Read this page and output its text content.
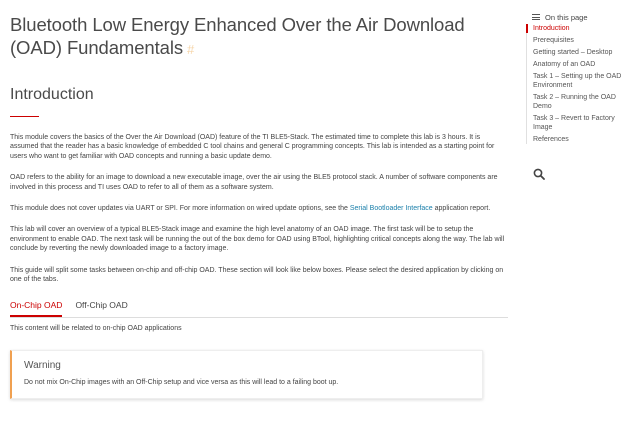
Bluetooth Low Energy Enhanced Over the Air Download (OAD) Fundamentals #
Introduction

This module covers the basics of the Over the Air Download (OAD) feature of the TI BLE5-Stack. The estimated time to complete this lab is 3 hours. It is assumed that the reader has a basic knowledge of embedded C tool chains and general C programming concepts. This lab is intended as a starting point for users who want to get familiar with OAD concepts and running a basic update demo.

OAD refers to the ability for an image to download a new executable image, over the air using the BLE5 protocol stack. A number of software components are involved in this process and TI uses OAD to refer to all of them as a software system.

This module does not cover updates via UART or SPI. For more information on wired update options, see the Serial Bootloader Interface application report.

This lab will cover an overview of a typical BLE5-Stack image and examine the high level anatomy of an OAD image. The first task will be to setup the environment to enable OAD. The next task will be running the out of the box demo for OAD using BTool, highlighting critical concepts along the way. The lab will conclude by reverting the newly downloaded image to a factory image.

This guide will split some tasks between on-chip and off-chip OAD. These section will look like below boxes. Please select the desired application by clicking on one of the tabs.

On-Chip OAD Off-Chip OAD
This content will be related to on-chip OAD applications

Warning

Do not mix On-Chip images with an Off-Chip setup and vice versa as this will lead to a failing boot up.

On this page
Introduction
Prerequisites
Getting started – Desktop
Anatomy of an OAD
Task 1 – Setting up the OAD Environment
Task 2 – Running the OAD Demo
Task 3 – Revert to Factory Image
References
